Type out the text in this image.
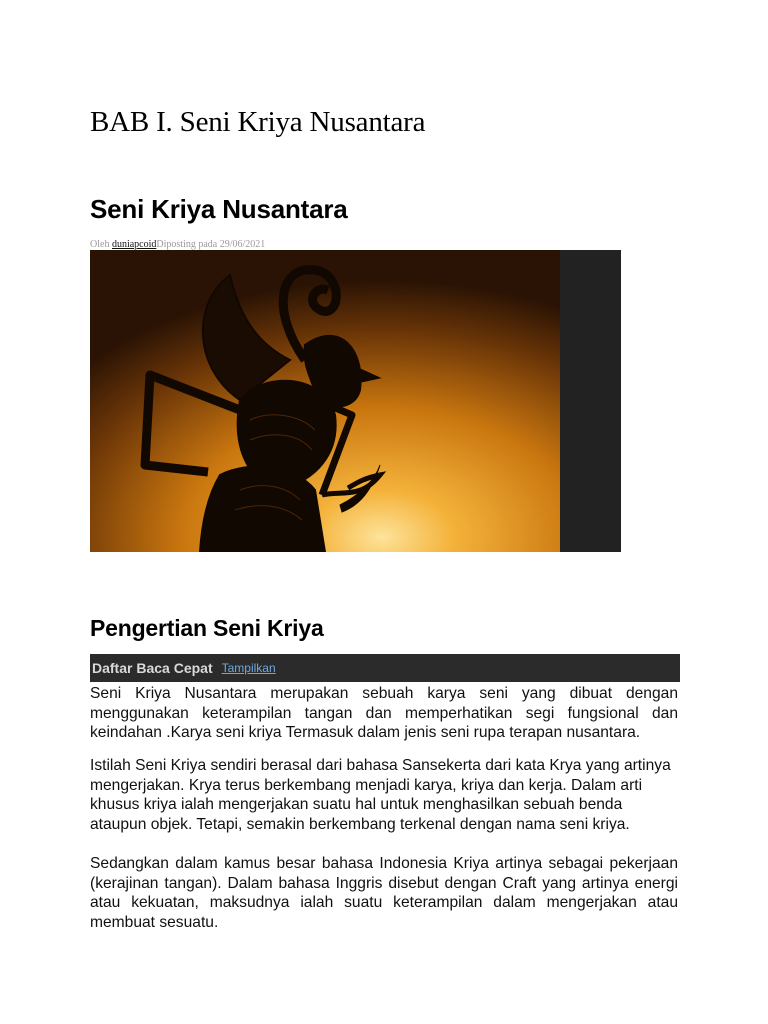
BAB I. Seni Kriya Nusantara
Seni Kriya Nusantara
Oleh duniapcoidDiposting pada 29/06/2021
Pengertian Seni Kriya
Daftar Baca Cepat Tampilkan

Seni Kriya Nusantara merupakan sebuah karya seni yang dibuat dengan menggunakan keterampilan tangan dan memperhatikan segi fungsional dan keindahan .Karya seni kriya Termasuk dalam jenis seni rupa terapan nusantara.

Istilah Seni Kriya sendiri berasal dari bahasa Sansekerta dari kata Krya yang artinya mengerjakan. Krya terus berkembang menjadi karya, kriya dan kerja. Dalam arti khusus kriya ialah mengerjakan suatu hal untuk menghasilkan sebuah benda ataupun objek. Tetapi, semakin berkembang terkenal dengan nama seni kriya.

Sedangkan dalam kamus besar bahasa Indonesia Kriya artinya sebagai pekerjaan (kerajinan tangan). Dalam bahasa Inggris disebut dengan Craft yang artinya energi atau kekuatan, maksudnya ialah suatu keterampilan dalam mengerjakan atau membuat sesuatu.
